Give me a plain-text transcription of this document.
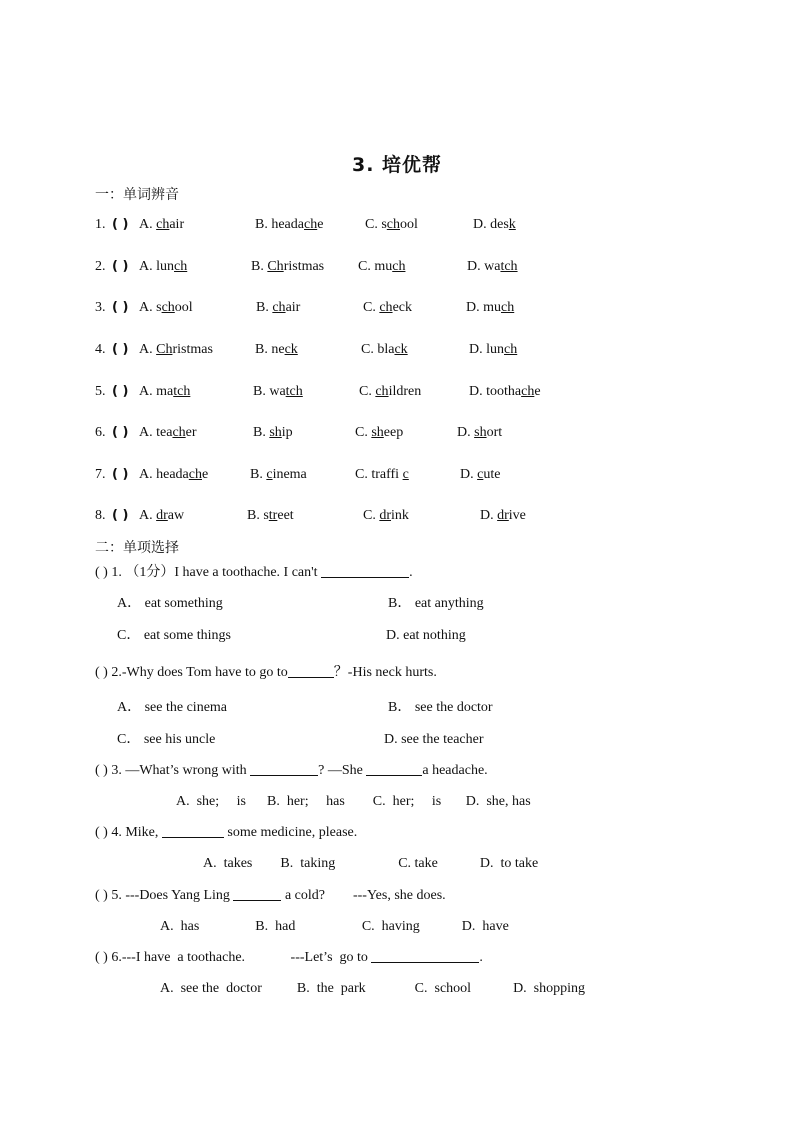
3. 培优帮
一：单词辨音
1. ( ) A. chair	B. headache	C. school	D. desk
2. ( ) A. lunch	B. Christmas C. much	D. watch
3. ( ) A. school	B. chair	C. check	D. much
4. ( ) A. Christmas	B. neck	C. black	D. lunch
5. ( ) A. match	B. watch	C. children	D. toothache
6. ( ) A. teacher	B. ship	C. sheep	D. short
7. ( ) A. headache	B. cinema	C. traffi c	D. cute
8. ( ) A. draw	B. street	C. drink	D. drive
二：单项选择
( ) 1. （1分）I have a toothache. I can't	.
A． eat something	B． eat anything
C． eat some things	D. eat nothing
( ) 2.-Why does Tom have to go to	？-His neck hurts.
A． see the cinema	B． see the doctor
C． see his uncle	D. see the teacher
( ) 3. —What’s wrong with	? —She	a headache.
A.  she;     is      B.  her;     has        C.  her;     is       D.  she, has
( ) 4. Mike,	some medicine, please.
A.  takes        B.  taking                  C. take            D.  to take
( ) 5. ---Does Yang Ling	a cold?        ---Yes, she does.
A.  has                B.  had                   C.  having            D.  have
( ) 6.---I have  a toothache.             ---Let’s  go to	.
A.  see the  doctor          B.  the  park              C.  school            D.  shopping
